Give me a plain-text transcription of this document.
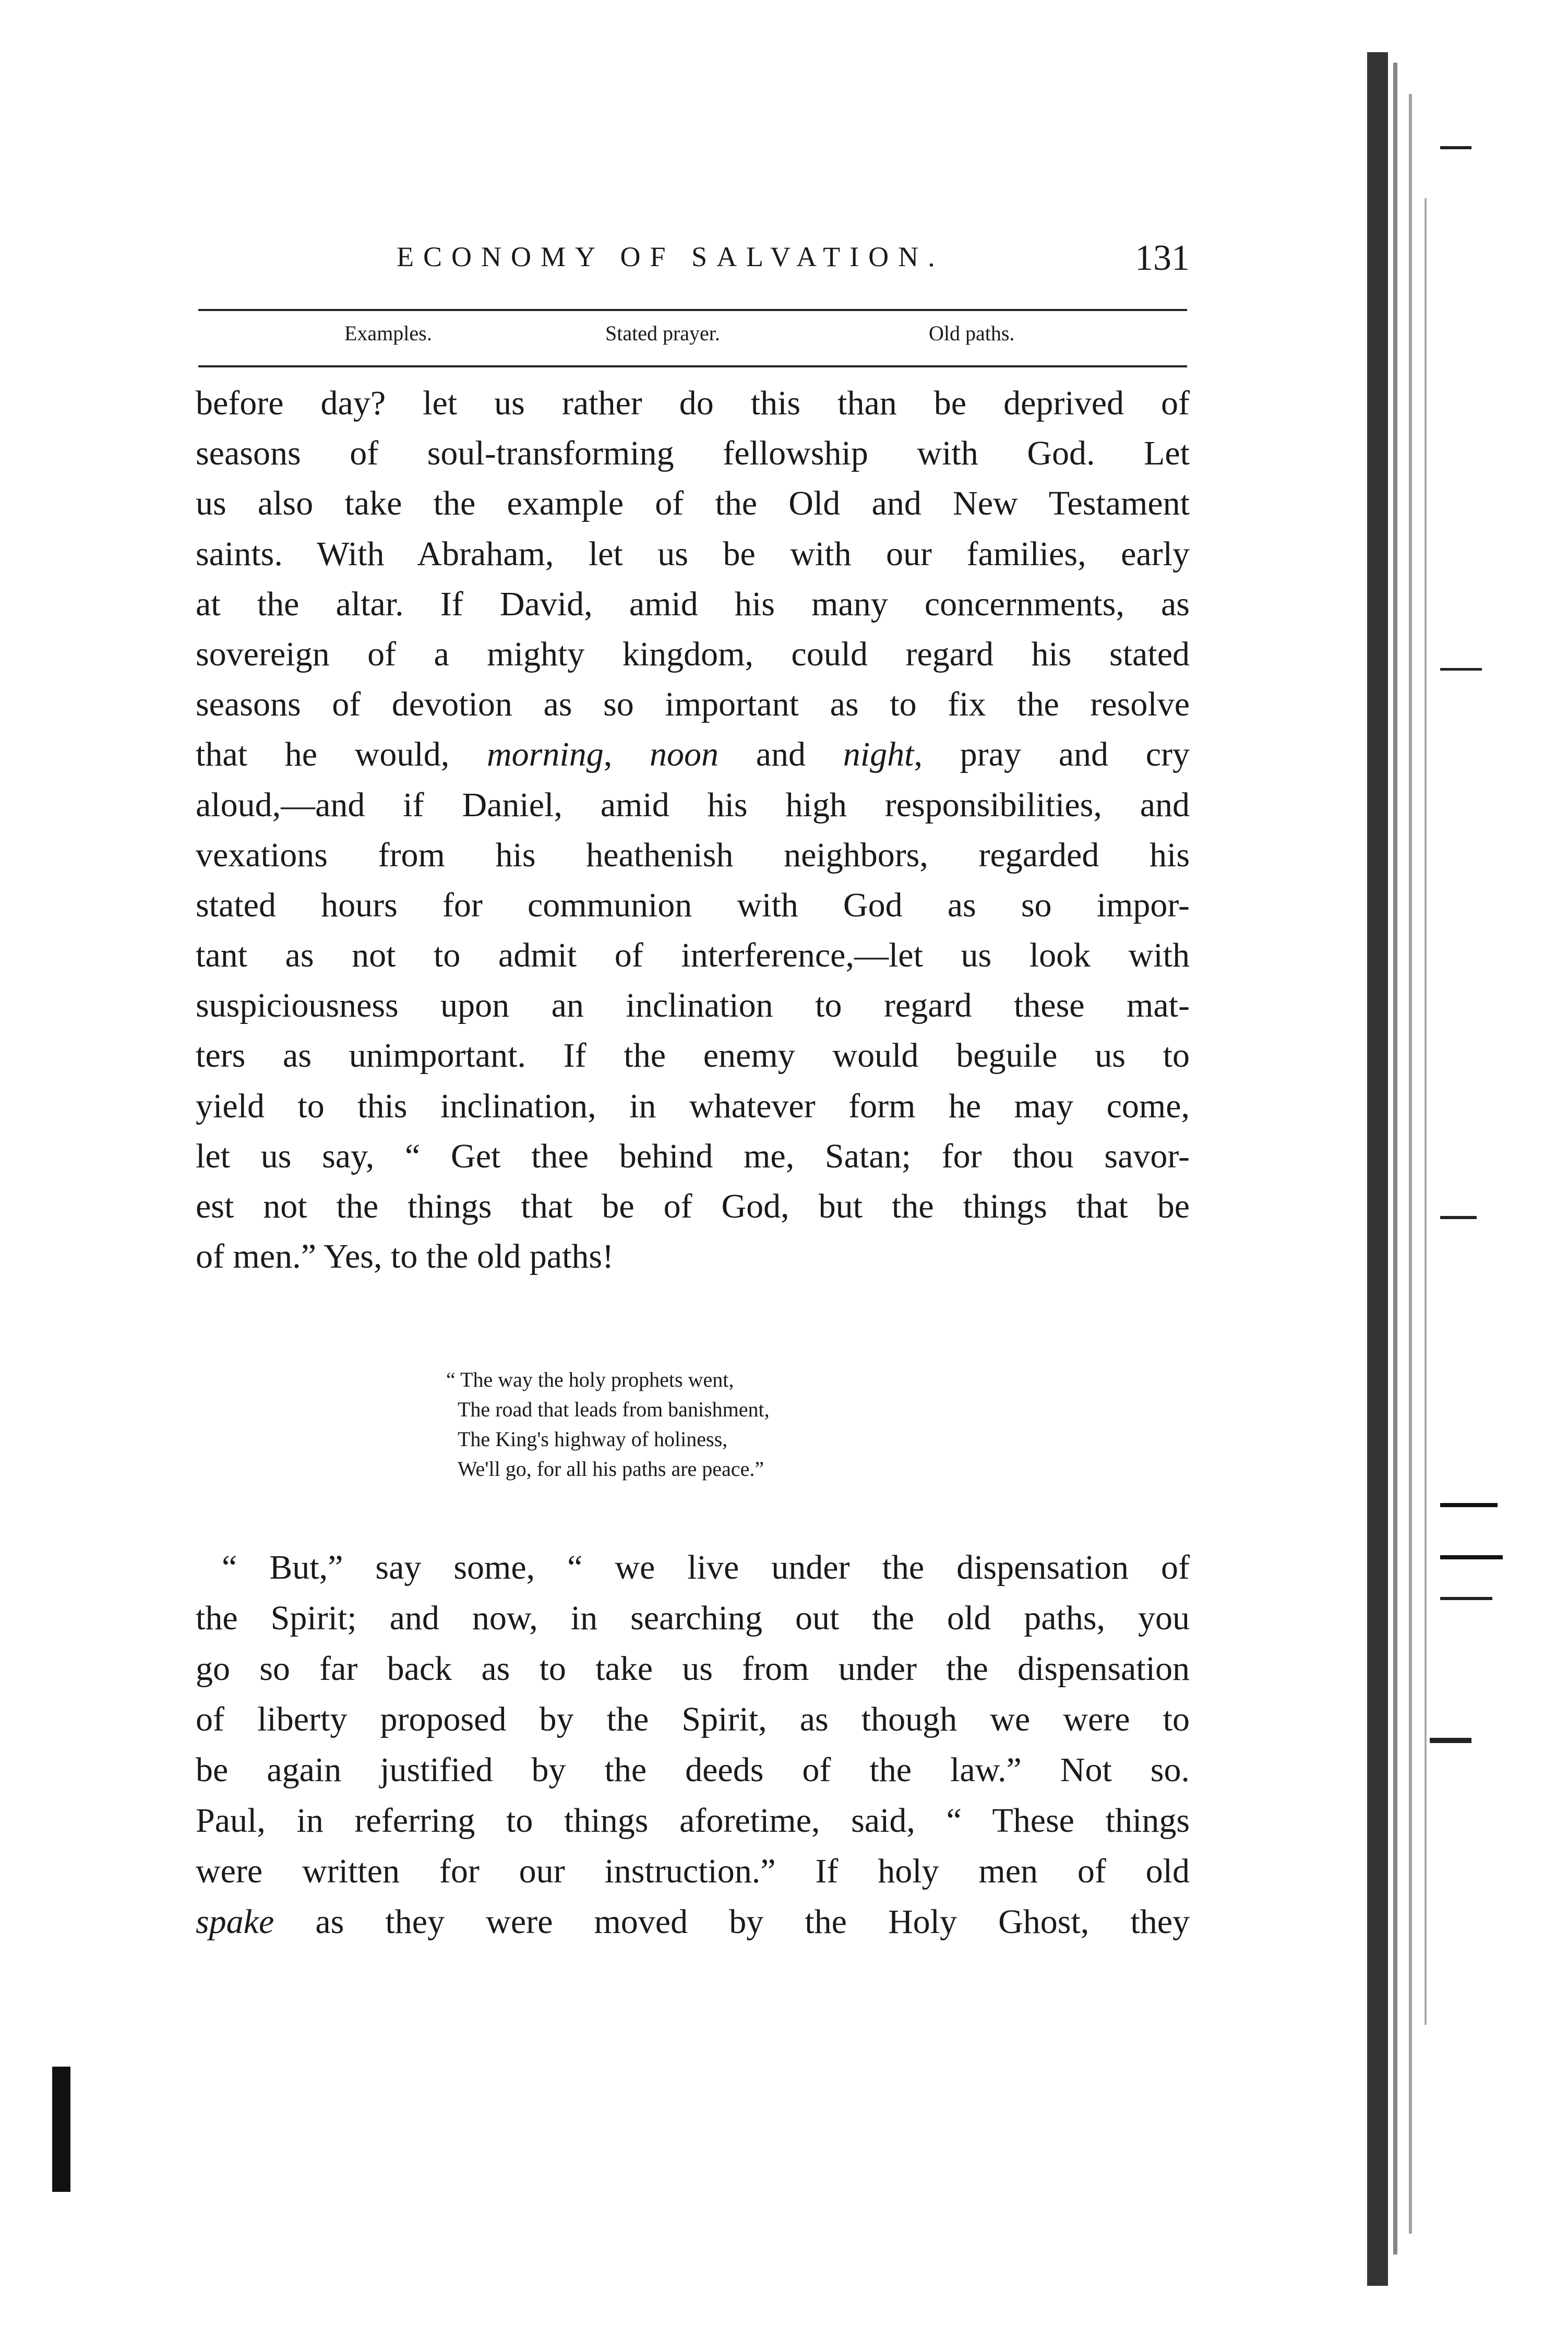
ECONOMY OF SALVATION.	131
Examples.	Stated prayer.	Old paths.
before day? let us rather do this than be deprived of
seasons of soul-transforming fellowship with God. Let
us also take the example of the Old and New Testament
saints. With Abraham, let us be with our families, early
at the altar. If David, amid his many concernments, as
sovereign of a mighty kingdom, could regard his stated
seasons of devotion as so important as to fix the resolve
that he would, morning, noon and night, pray and cry
aloud,—and if Daniel, amid his high responsibilities, and
vexations from his heathenish neighbors, regarded his
stated hours for communion with God as so impor-
tant as not to admit of interference,—let us look with
suspiciousness upon an inclination to regard these mat-
ters as unimportant. If the enemy would beguile us to
yield to this inclination, in whatever form he may come,
let us say, “ Get thee behind me, Satan; for thou savor-
est not the things that be of God, but the things that be
of men.” Yes, to the old paths!
“ The way the holy prophets went,
The road that leads from banishment,
The King's highway of holiness,
We'll go, for all his paths are peace.”
“ But,” say some, “ we live under the dispensation of
the Spirit; and now, in searching out the old paths, you
go so far back as to take us from under the dispensation
of liberty proposed by the Spirit, as though we were to
be again justified by the deeds of the law.” Not so.
Paul, in referring to things aforetime, said, “ These things
were written for our instruction.” If holy men of old
spake as they were moved by the Holy Ghost, they
